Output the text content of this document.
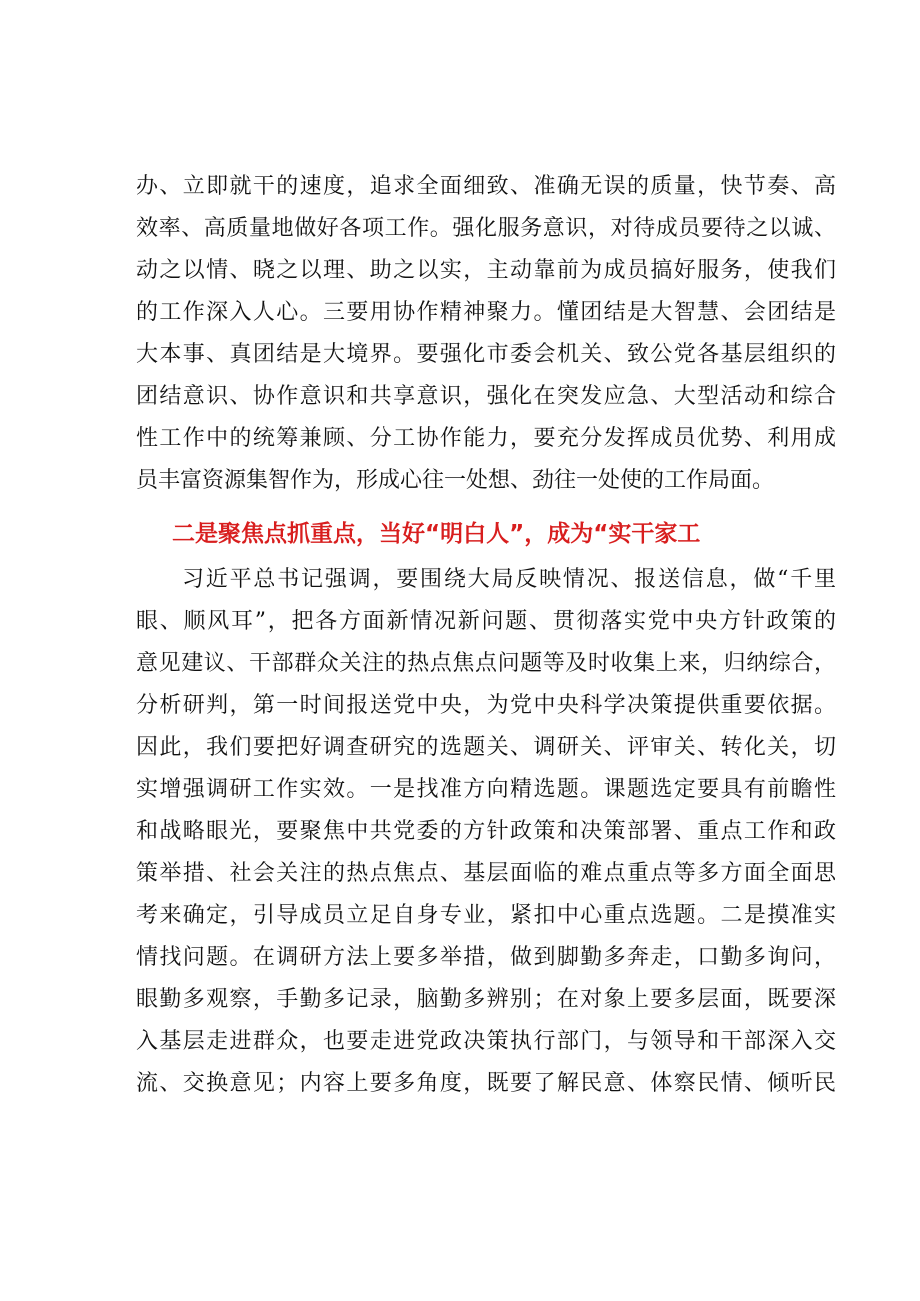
办、立即就干的速度，追求全面细致、准确无误的质量，快节奏、高
效率、高质量地做好各项工作。强化服务意识，对待成员要待之以诚、
动之以情、晓之以理、助之以实，主动靠前为成员搞好服务，使我们
的工作深入人心。三要用协作精神聚力。懂团结是大智慧、会团结是
大本事、真团结是大境界。要强化市委会机关、致公党各基层组织的
团结意识、协作意识和共享意识，强化在突发应急、大型活动和综合
性工作中的统筹兼顾、分工协作能力，要充分发挥成员优势、利用成
员丰富资源集智作为，形成心往一处想、劲往一处使的工作局面。
二是聚焦点抓重点，当好“明白人”，成为“实干家工
习近平总书记强调，要围绕大局反映情况、报送信息，做“千里
眼、顺风耳”，把各方面新情况新问题、贯彻落实党中央方针政策的
意见建议、干部群众关注的热点焦点问题等及时收集上来，归纳综合，
分析研判，第一时间报送党中央，为党中央科学决策提供重要依据。
因此，我们要把好调查研究的选题关、调研关、评审关、转化关，切
实增强调研工作实效。一是找准方向精选题。课题选定要具有前瞻性
和战略眼光，要聚焦中共党委的方针政策和决策部署、重点工作和政
策举措、社会关注的热点焦点、基层面临的难点重点等多方面全面思
考来确定，引导成员立足自身专业，紧扣中心重点选题。二是摸准实
情找问题。在调研方法上要多举措，做到脚勤多奔走，口勤多询问，
眼勤多观察，手勤多记录，脑勤多辨别；在对象上要多层面，既要深
入基层走进群众，也要走进党政决策执行部门，与领导和干部深入交
流、交换意见；内容上要多角度，既要了解民意、体察民情、倾听民
